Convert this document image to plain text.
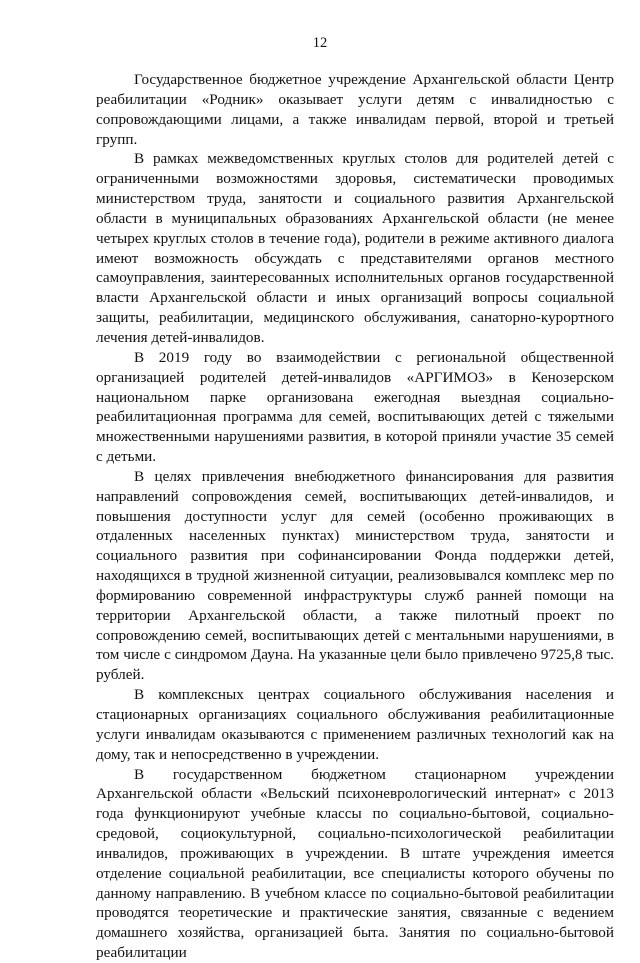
12

Государственное бюджетное учреждение Архангельской области Центр реабилитации «Родник» оказывает услуги детям с инвалидностью с сопровождающими лицами, а также инвалидам первой, второй и третьей групп.

В рамках межведомственных круглых столов для родителей детей с ограниченными возможностями здоровья, систематически проводимых министерством труда, занятости и социального развития Архангельской области в муниципальных образованиях Архангельской области (не менее четырех круглых столов в течение года), родители в режиме активного диалога имеют возможность обсуждать с представителями органов местного самоуправления, заинтересованных исполнительных органов государственной власти Архангельской области и иных организаций вопросы социальной защиты, реабилитации, медицинского обслуживания, санаторно-курортного лечения детей-инвалидов.

В 2019 году во взаимодействии с региональной общественной организацией родителей детей-инвалидов «АРГИМОЗ» в Кенозерском национальном парке организована ежегодная выездная социально-реабилитационная программа для семей, воспитывающих детей с тяжелыми множественными нарушениями развития, в которой приняли участие 35 семей с детьми.

В целях привлечения внебюджетного финансирования для развития направлений сопровождения семей, воспитывающих детей-инвалидов, и повышения доступности услуг для семей (особенно проживающих в отдаленных населенных пунктах) министерством труда, занятости и социального развития при софинансировании Фонда поддержки детей, находящихся в трудной жизненной ситуации, реализовывался комплекс мер по формированию современной инфраструктуры служб ранней помощи на территории Архангельской области, а также пилотный проект по сопровождению семей, воспитывающих детей с ментальными нарушениями, в том числе с синдромом Дауна. На указанные цели было привлечено 9725,8 тыс. рублей.

В комплексных центрах социального обслуживания населения и стационарных организациях социального обслуживания реабилитационные услуги инвалидам оказываются с применением различных технологий как на дому, так и непосредственно в учреждении.

В государственном бюджетном стационарном учреждении Архангельской области «Вельский психоневрологический интернат» с 2013 года функционируют учебные классы по социально-бытовой, социально-средовой, социокультурной, социально-психологической реабилитации инвалидов, проживающих в учреждении. В штате учреждения имеется отделение социальной реабилитации, все специалисты которого обучены по данному направлению. В учебном классе по социально-бытовой реабилитации проводятся теоретические и практические занятия, связанные с ведением домашнего хозяйства, организацией быта. Занятия по социально-бытовой реабилитации
